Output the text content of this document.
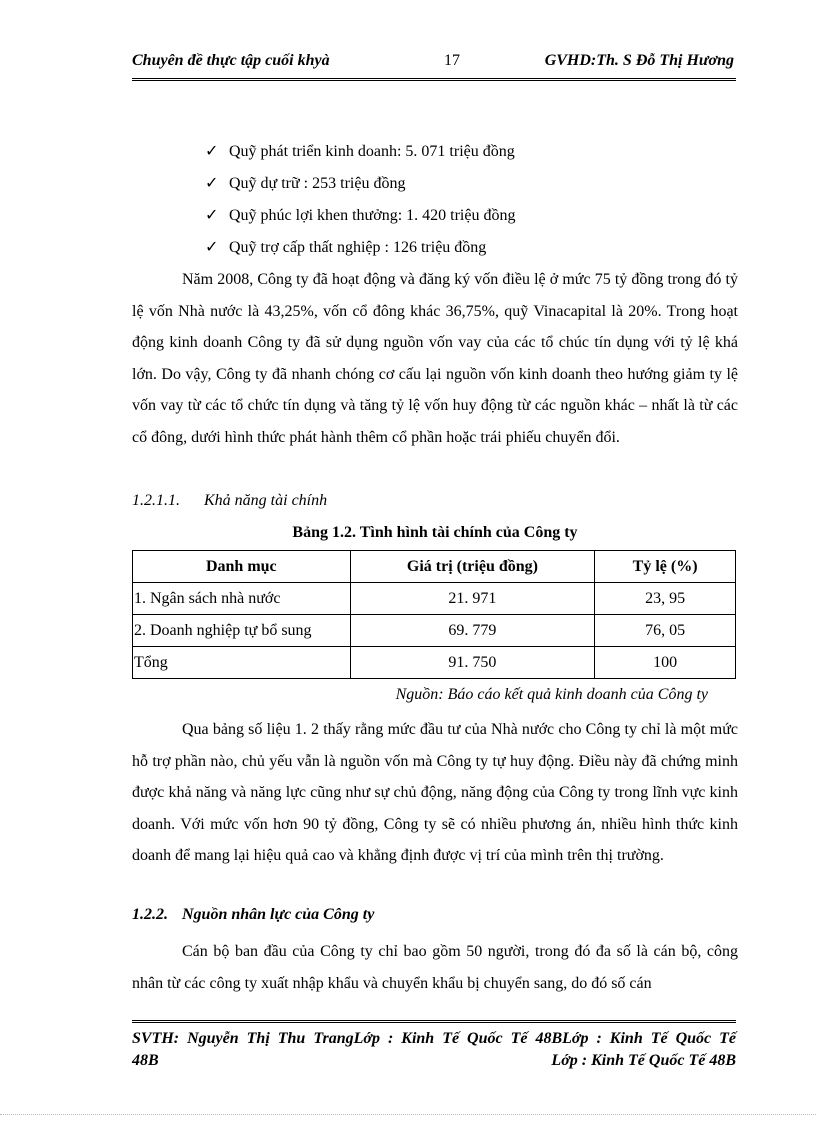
Chuyên đề thực tập cuối khyà	17	GVHD:Th. S Đỗ Thị Hương
✓ Quỹ phát triển kinh doanh: 5. 071 triệu đồng
✓ Quỹ dự trữ : 253 triệu đồng
✓ Quỹ phúc lợi khen thưởng: 1. 420 triệu đồng
✓ Quỹ trợ cấp thất nghiệp : 126 triệu đồng
Năm 2008, Công ty đã hoạt động và đăng ký vốn điều lệ ở mức 75 tỷ đồng trong đó tỷ lệ vốn Nhà nước là 43,25%, vốn cổ đông khác 36,75%, quỹ Vinacapital là 20%. Trong hoạt động kinh doanh Công ty đã sử dụng nguồn vốn vay của các tổ chúc tín dụng với tỷ lệ khá lớn. Do vậy, Công ty đã nhanh chóng cơ cấu lại nguồn vốn kinh doanh theo hướng giảm ty lệ vốn vay từ các tổ chức tín dụng và tăng tỷ lệ vốn huy động từ các nguồn khác – nhất là từ các cổ đông, dưới hình thức phát hành thêm cổ phần hoặc trái phiếu chuyển đổi.
1.2.1.1. Khả năng tài chính
Bảng 1.2. Tình hình tài chính của Công ty
Danh mục	Giá trị (triệu đồng)	Tỷ lệ (%)
1. Ngân sách nhà nước	21. 971	23, 95
2. Doanh nghiệp tự bổ sung	69. 779	76, 05
Tổng	91. 750	100
Nguồn: Báo cáo kết quả kinh doanh của Công ty
Qua bảng số liệu 1. 2 thấy rằng mức đầu tư của Nhà nước cho Công ty chỉ là một mức hỗ trợ phần nào, chủ yếu vẫn là nguồn vốn mà Công ty tự huy động. Điều này đã chứng minh được khả năng và năng lực cũng như sự chủ động, năng động của Công ty trong lĩnh vực kinh doanh. Với mức vốn hơn 90 tỷ đồng, Công ty sẽ có nhiều phương án, nhiều hình thức kinh doanh để mang lại hiệu quả cao và khẳng định được vị trí của mình trên thị trường.
1.2.2. Nguồn nhân lực của Công ty
Cán bộ ban đầu của Công ty chỉ bao gồm 50 người, trong đó đa số là cán bộ, công nhân từ các công ty xuất nhập khẩu và chuyển khẩu bị chuyển sang, do đó số cán
SVTH: Nguyễn Thị Thu TrangLớp : Kinh Tế Quốc Tế 48BLớp : Kinh Tế Quốc Tế
48B	Lớp : Kinh Tế Quốc Tế 48B
